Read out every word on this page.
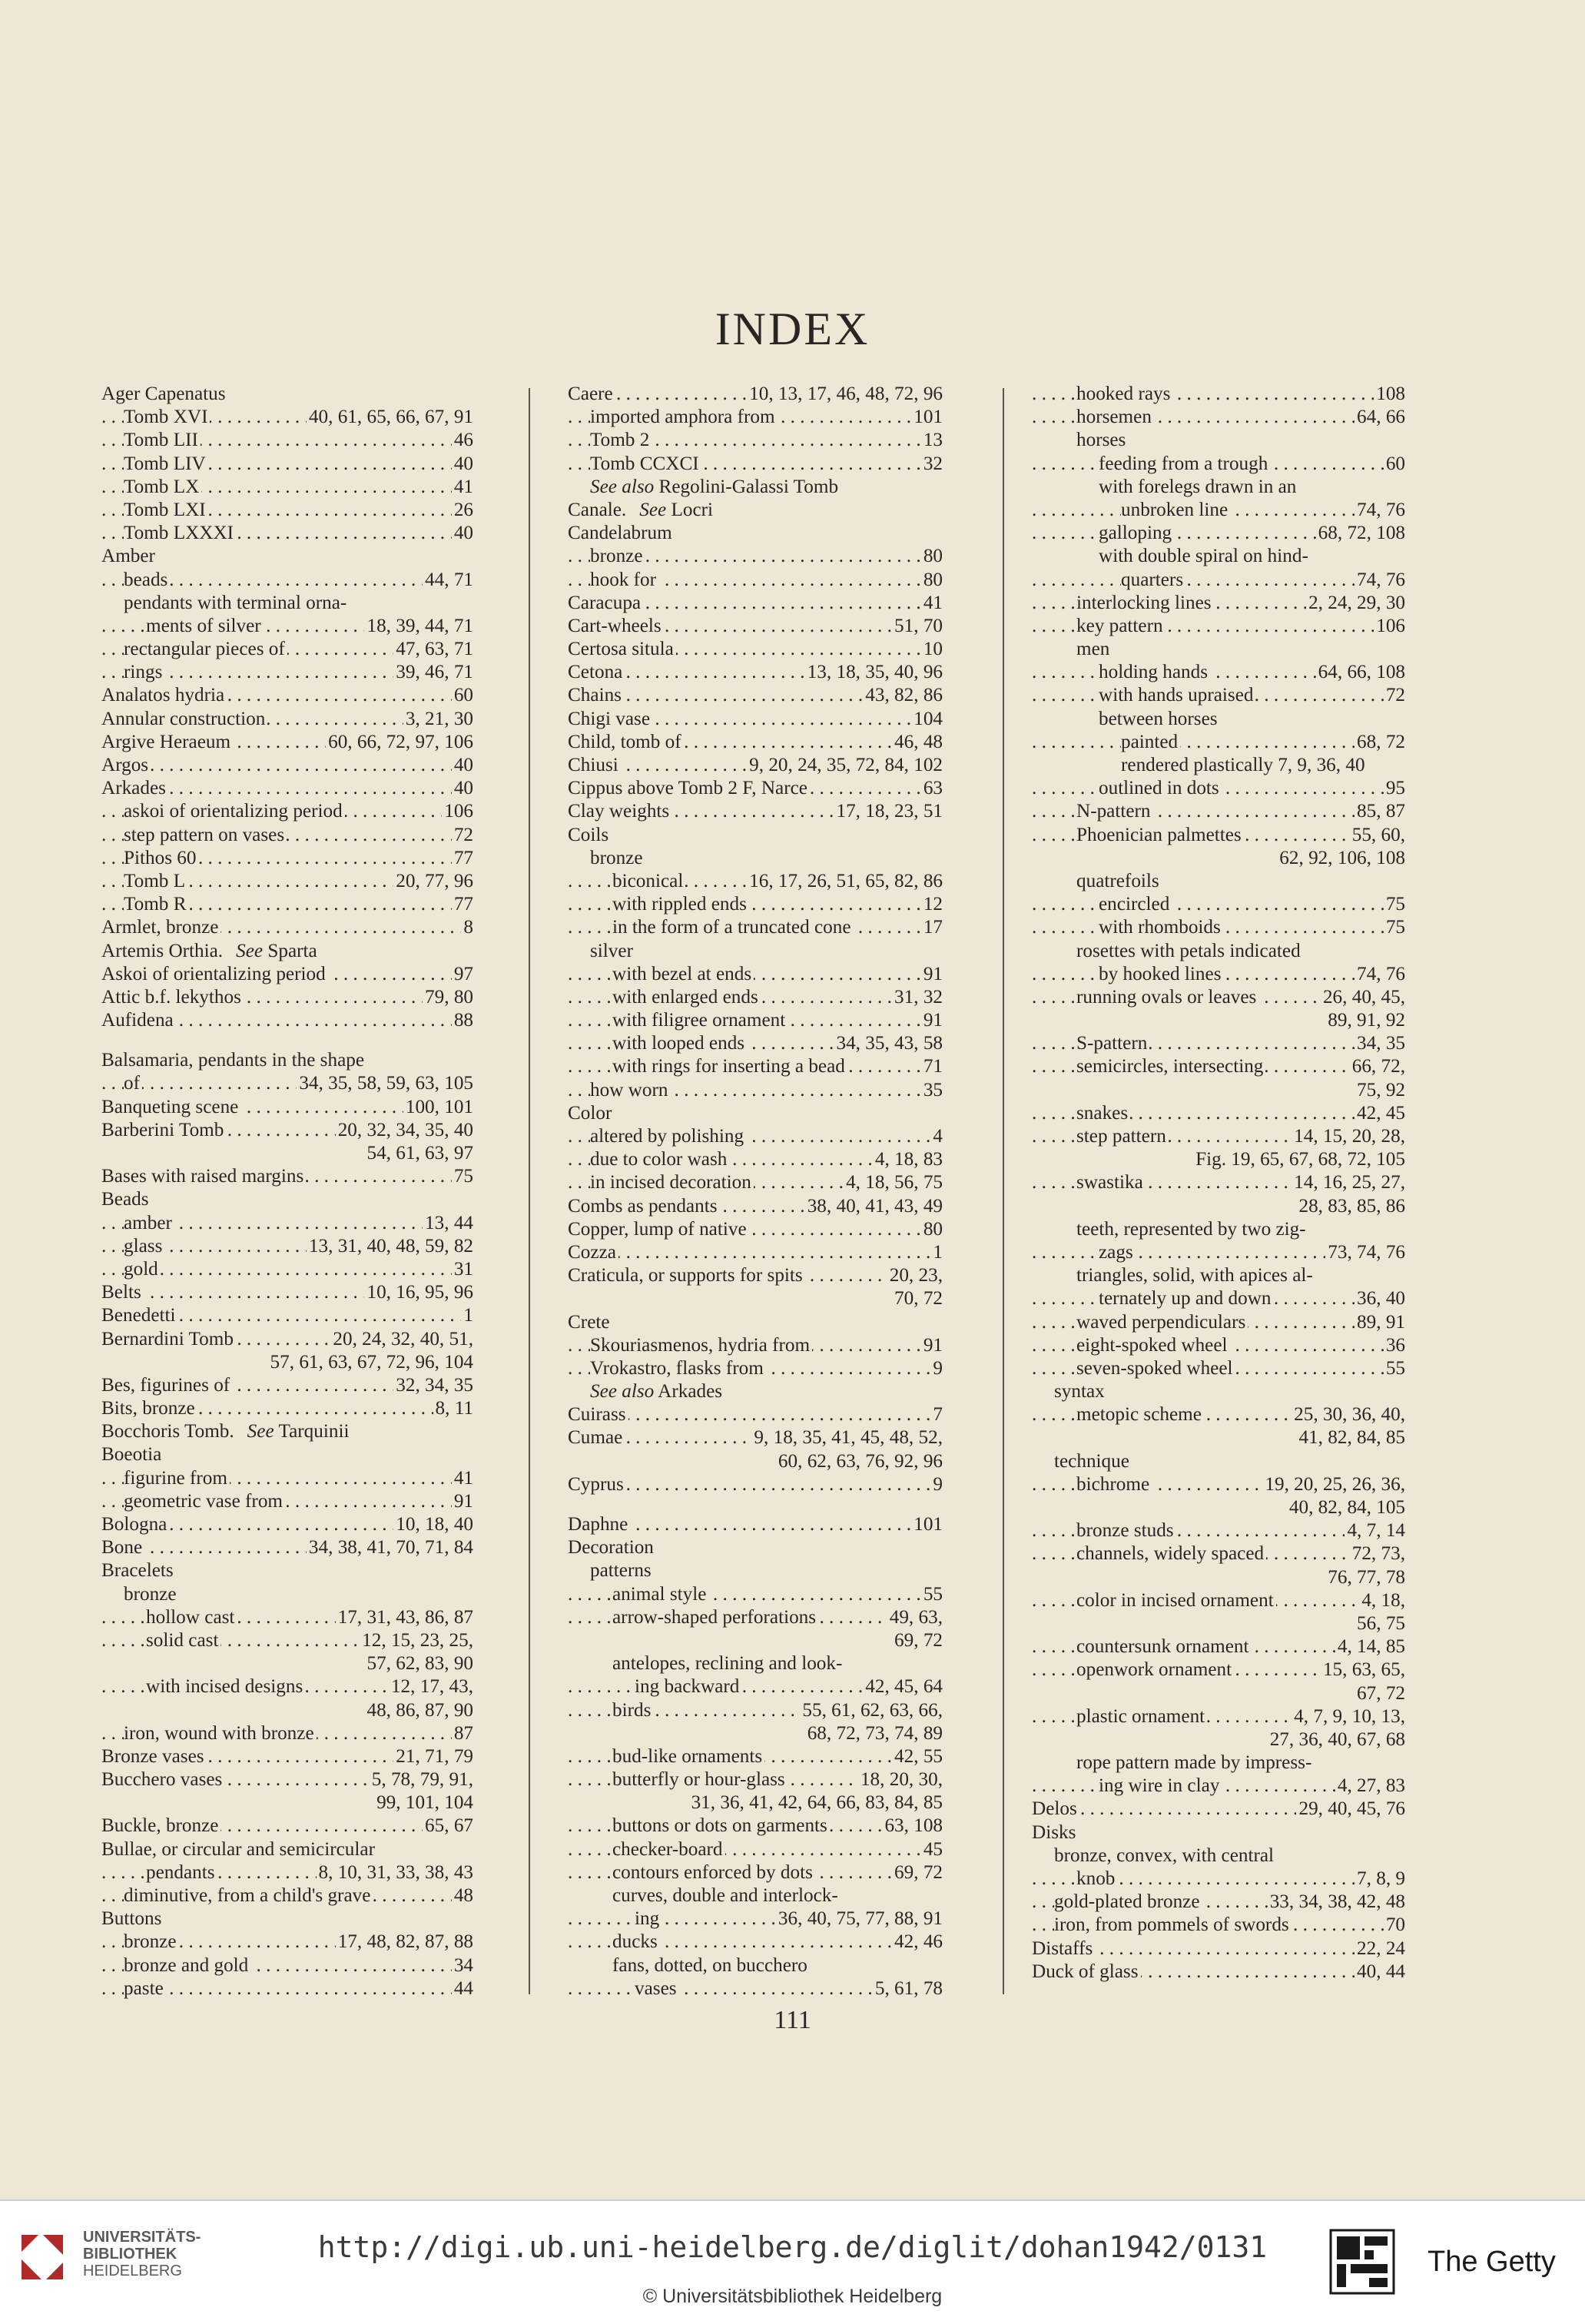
INDEX
Ager Capenatus
Tomb XVI	40, 61, 65, 66, 67, 91
. . .
Tomb LII	46
. . .
Tomb LIV	40
. . .
Tomb LX	41
. . .
Tomb LXI	26
. . .
Tomb LXXXI	40
. . .
Amber
beads	44, 71
. . .
pendants with terminal orna-
ments of silver	18, 39, 44, 71
. . .
rectangular pieces of	47, 63, 71
. . .
rings	39, 46, 71
. . .
Analatos hydria	60
. . .
Annular construction	3, 21, 30
. . .
Argive Heraeum	60, 66, 72, 97, 106
. . .
Argos	40
. . .
Arkades	40
. . .
askoi of orientalizing period	106
. . .
step pattern on vases	72
. . .
Pithos 60	77
. . .
Tomb L	20, 77, 96
. . .
Tomb R	77
. . .
Armlet, bronze	8
. . .
Artemis Orthia. See Sparta
Askoi of orientalizing period	97
. . .
Attic b.f. lekythos	79, 80
. . .
Aufidena	88
. . .
Balsamaria, pendants in the shape
of	34, 35, 58, 59, 63, 105
. . .
Banqueting scene	100, 101
. . .
Barberini Tomb	20, 32, 34, 35, 40
. . .
54, 61, 63, 97
Bases with raised margins	75
. . .
Beads
amber	13, 44
. . .
glass	13, 31, 40, 48, 59, 82
. . .
gold	31
. . .
Belts	10, 16, 95, 96
. . .
Benedetti	1
. . .
Bernardini Tomb	20, 24, 32, 40, 51,
. . .
57, 61, 63, 67, 72, 96, 104
Bes, figurines of	32, 34, 35
. . .
Bits, bronze	8, 11
. . .
Bocchoris Tomb. See Tarquinii
Boeotia
figurine from	41
. . .
geometric vase from	91
. . .
Bologna	10, 18, 40
. . .
Bone	34, 38, 41, 70, 71, 84
. . .
Bracelets
bronze
hollow cast	17, 31, 43, 86, 87
. . .
solid cast	12, 15, 23, 25,
. . .
57, 62, 83, 90
with incised designs	12, 17, 43,
. . .
48, 86, 87, 90
iron, wound with bronze	87
. . .
Bronze vases	21, 71, 79
. . .
Bucchero vases	5, 78, 79, 91,
. . .
99, 101, 104
Buckle, bronze	65, 67
. . .
Bullae, or circular and semicircular
pendants	8, 10, 31, 33, 38, 43
. . .
diminutive, from a child's grave	48
. . .
Buttons
bronze	17, 48, 82, 87, 88
. . .
bronze and gold	34
. . .
paste	44
. . .
Caere	10, 13, 17, 46, 48, 72, 96
. . .
imported amphora from	101
. . .
Tomb 2	13
. . .
Tomb CCXCI	32
. . .
See also Regolini-Galassi Tomb
Canale. See Locri
Candelabrum
bronze	80
. . .
hook for	80
. . .
Caracupa	41
. . .
Cart-wheels	51, 70
. . .
Certosa situla	10
. . .
Cetona	13, 18, 35, 40, 96
. . .
Chains	43, 82, 86
. . .
Chigi vase	104
. . .
Child, tomb of	46, 48
. . .
Chiusi	9, 20, 24, 35, 72, 84, 102
. . .
Cippus above Tomb 2 F, Narce	63
. . .
Clay weights	17, 18, 23, 51
. . .
Coils
bronze
biconical	16, 17, 26, 51, 65, 82, 86
. . .
with rippled ends	12
. . .
in the form of a truncated cone	17
. . .
silver
with bezel at ends	91
. . .
with enlarged ends	31, 32
. . .
with filigree ornament	91
. . .
with looped ends	34, 35, 43, 58
. . .
with rings for inserting a bead	71
. . .
how worn	35
. . .
Color
altered by polishing	4
. . .
due to color wash	4, 18, 83
. . .
in incised decoration	4, 18, 56, 75
. . .
Combs as pendants	38, 40, 41, 43, 49
. . .
Copper, lump of native	80
. . .
Cozza	1
. . .
Craticula, or supports for spits	20, 23,
. . .
70, 72
Crete
Skouriasmenos, hydria from	91
. . .
Vrokastro, flasks from	9
. . .
See also Arkades
Cuirass	7
. . .
Cumae	9, 18, 35, 41, 45, 48, 52,
. . .
60, 62, 63, 76, 92, 96
Cyprus	9
. . .
Daphne	101
. . .
Decoration
patterns
animal style	55
. . .
arrow-shaped perforations	49, 63,
. . .
69, 72
antelopes, reclining and look-
ing backward	42, 45, 64
. . .
birds	55, 61, 62, 63, 66,
. . .
68, 72, 73, 74, 89
bud-like ornaments	42, 55
. . .
butterfly or hour-glass	18, 20, 30,
. . .
31, 36, 41, 42, 64, 66, 83, 84, 85
buttons or dots on garments	63, 108
. . .
checker-board	45
. . .
contours enforced by dots	69, 72
. . .
curves, double and interlock-
ing	36, 40, 75, 77, 88, 91
. . .
ducks	42, 46
. . .
fans, dotted, on bucchero
vases	5, 61, 78
. . .
hooked rays	108
. . .
horsemen	64, 66
. . .
horses
feeding from a trough	60
. . .
with forelegs drawn in an
unbroken line	74, 76
. . .
galloping	68, 72, 108
. . .
with double spiral on hind-
quarters	74, 76
. . .
interlocking lines	2, 24, 29, 30
. . .
key pattern	106
. . .
men
holding hands	64, 66, 108
. . .
with hands upraised	72
. . .
between horses
painted	68, 72
. . .
rendered plastically 7, 9, 36, 40
outlined in dots	95
. . .
N-pattern	85, 87
. . .
Phoenician palmettes	55, 60,
. . .
62, 92, 106, 108
quatrefoils
encircled	75
. . .
with rhomboids	75
. . .
rosettes with petals indicated
by hooked lines	74, 76
. . .
running ovals or leaves	26, 40, 45,
. . .
89, 91, 92
S-pattern	34, 35
. . .
semicircles, intersecting	66, 72,
. . .
75, 92
snakes	42, 45
. . .
step pattern	14, 15, 20, 28,
. . .
Fig. 19, 65, 67, 68, 72, 105
swastika	14, 16, 25, 27,
. . .
28, 83, 85, 86
teeth, represented by two zig-
zags	73, 74, 76
. . .
triangles, solid, with apices al-
ternately up and down	36, 40
. . .
waved perpendiculars	89, 91
. . .
eight-spoked wheel	36
. . .
seven-spoked wheel	55
. . .
syntax
metopic scheme	25, 30, 36, 40,
. . .
41, 82, 84, 85
technique
bichrome	19, 20, 25, 26, 36,
. . .
40, 82, 84, 105
bronze studs	4, 7, 14
. . .
channels, widely spaced	72, 73,
. . .
76, 77, 78
color in incised ornament	4, 18,
. . .
56, 75
countersunk ornament	4, 14, 85
. . .
openwork ornament	15, 63, 65,
. . .
67, 72
plastic ornament	4, 7, 9, 10, 13,
. . .
27, 36, 40, 67, 68
rope pattern made by impress-
ing wire in clay	4, 27, 83
. . .
Delos	29, 40, 45, 76
. . .
Disks
bronze, convex, with central
knob	7, 8, 9
. . .
gold-plated bronze	33, 34, 38, 42, 48
. . .
iron, from pommels of swords	70
. . .
Distaffs	22, 24
. . .
Duck of glass	40, 44
. . .
111
UNIVERSITÄTS-
BIBLIOTHEK
HEIDELBERG
http://digi.ub.uni-heidelberg.de/diglit/dohan1942/0131
© Universitätsbibliothek Heidelberg
The Getty
